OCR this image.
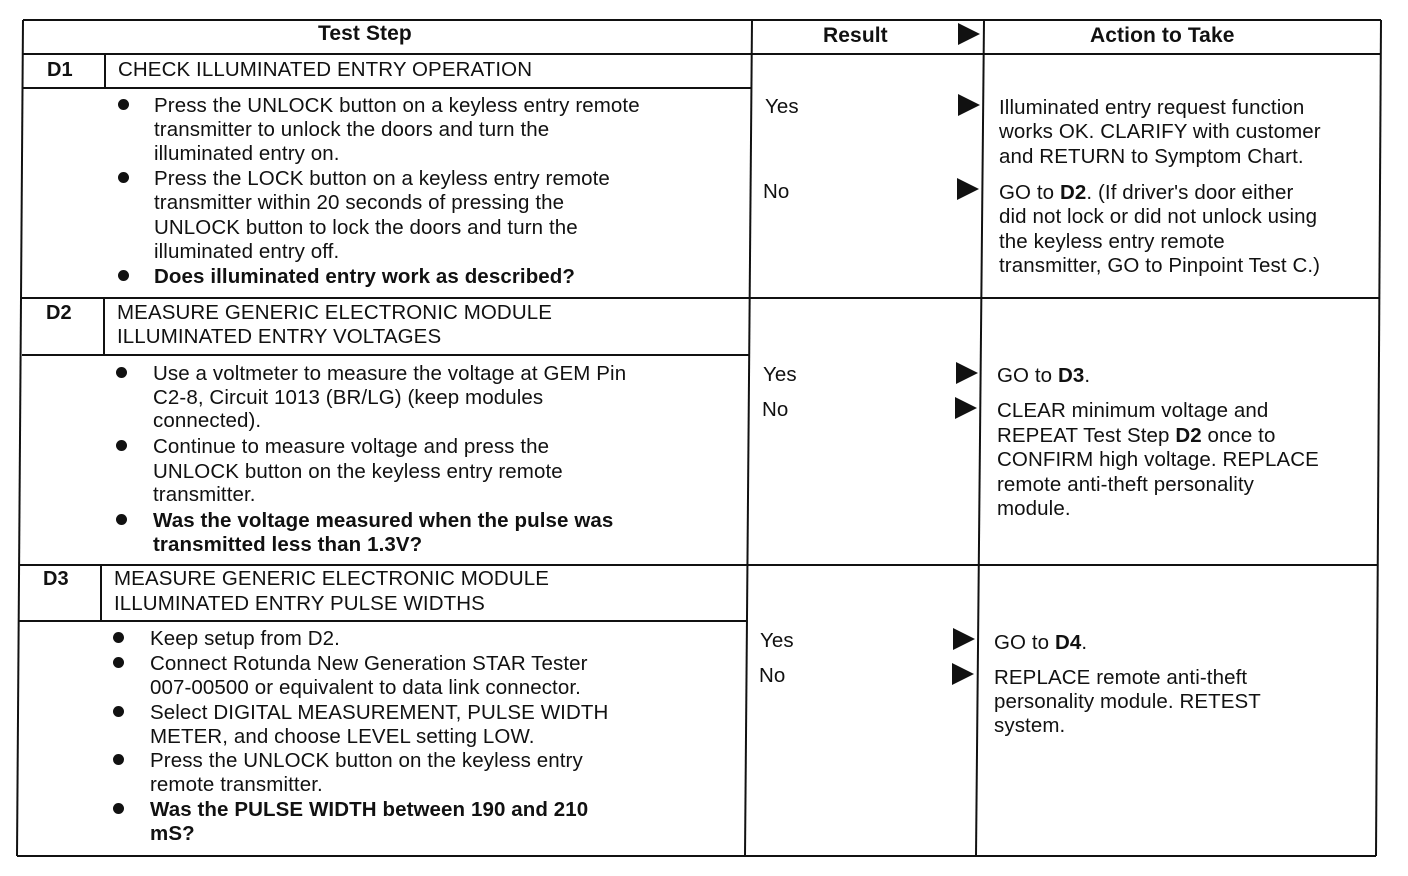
Test Step	Result	Action to Take
D1 CHECK ILLUMINATED ENTRY OPERATION
Press the UNLOCK button on a keyless entry remote
transmitter to unlock the doors and turn the
illuminated entry on.
Press the LOCK button on a keyless entry remote
transmitter within 20 seconds of pressing the
UNLOCK button to lock the doors and turn the
illuminated entry off.
Does illuminated entry work as described?
Yes
No
Illuminated entry request function
works OK. CLARIFY with customer
and RETURN to Symptom Chart.
GO to D2. (If driver's door either
did not lock or did not unlock using
the keyless entry remote
transmitter, GO to Pinpoint Test C.)
D2 MEASURE GENERIC ELECTRONIC MODULE
ILLUMINATED ENTRY VOLTAGES
Use a voltmeter to measure the voltage at GEM Pin
C2-8, Circuit 1013 (BR/LG) (keep modules
connected).
Continue to measure voltage and press the
UNLOCK button on the keyless entry remote
transmitter.
Was the voltage measured when the pulse was
transmitted less than 1.3V?
Yes
No
GO to D3.
CLEAR minimum voltage and
REPEAT Test Step D2 once to
CONFIRM high voltage. REPLACE
remote anti-theft personality
module.
D3 MEASURE GENERIC ELECTRONIC MODULE
ILLUMINATED ENTRY PULSE WIDTHS
Keep setup from D2.
Connect Rotunda New Generation STAR Tester
007-00500 or equivalent to data link connector.
Select DIGITAL MEASUREMENT, PULSE WIDTH
METER, and choose LEVEL setting LOW.
Press the UNLOCK button on the keyless entry
remote transmitter.
Was the PULSE WIDTH between 190 and 210
mS?
Yes
No
GO to D4.
REPLACE remote anti-theft
personality module. RETEST
system.
